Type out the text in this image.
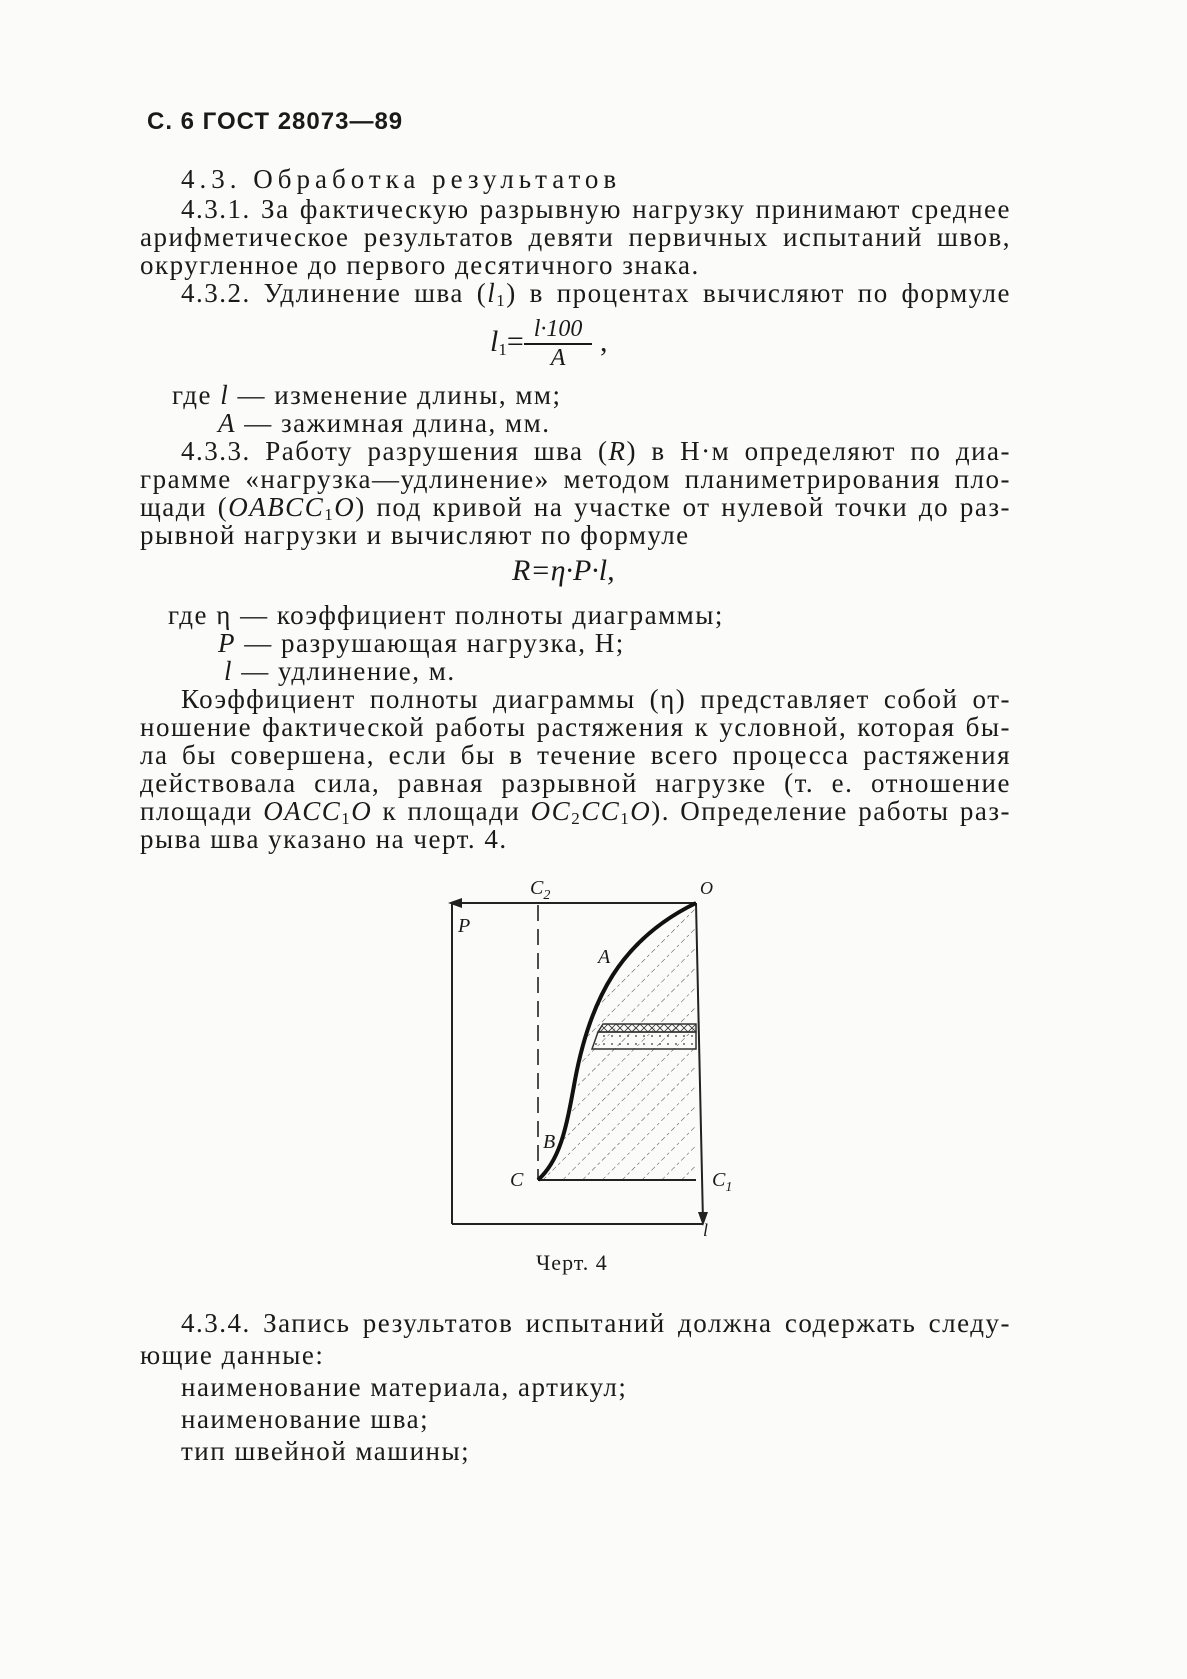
С. 6 ГОСТ 28073—89
4.3. Обработка результатов
4.3.1. За фактическую разрывную нагрузку принимают среднее
арифметическое результатов девяти первичных испытаний швов,
округленное до первого десятичного знака.
4.3.2. Удлинение шва $(l_1)$ в процентах вычисляют по формуле
$l_1= \frac{l\cdot 100}{A}$ ,
где l — изменение длины, мм;
A — зажимная длина, мм.
4.3.3. Работу разрушения шва (R) в Н·м определяют по диа-
грамме «нагрузка—удлинение» методом планиметрирования пло-
щади $(OABCC_1O)$ под кривой на участке от нулевой точки до раз-
рывной нагрузки и вычисляют по формуле
R=η·P·l,
где η — коэффициент полноты диаграммы;
P — разрушающая нагрузка, Н;
l — удлинение, м.
Коэффициент полноты диаграммы (η) представляет собой от-
ношение фактической работы растяжения к условной, которая бы-
ла бы совершена, если бы в течение всего процесса растяжения
действовала сила, равная разрывной нагрузке (т. е. отношение
площади $OACC_1O$ к площади $OC_2CC_1O$). Определение работы раз-
рыва шва указано на черт. 4.
$C_2$	O
P
A
B
C	$C_1$
l
Черт. 4
4.3.4. Запись результатов испытаний должна содержать следу-
ющие данные:
наименование материала, артикул;
наименование шва;
тип швейной машины;
